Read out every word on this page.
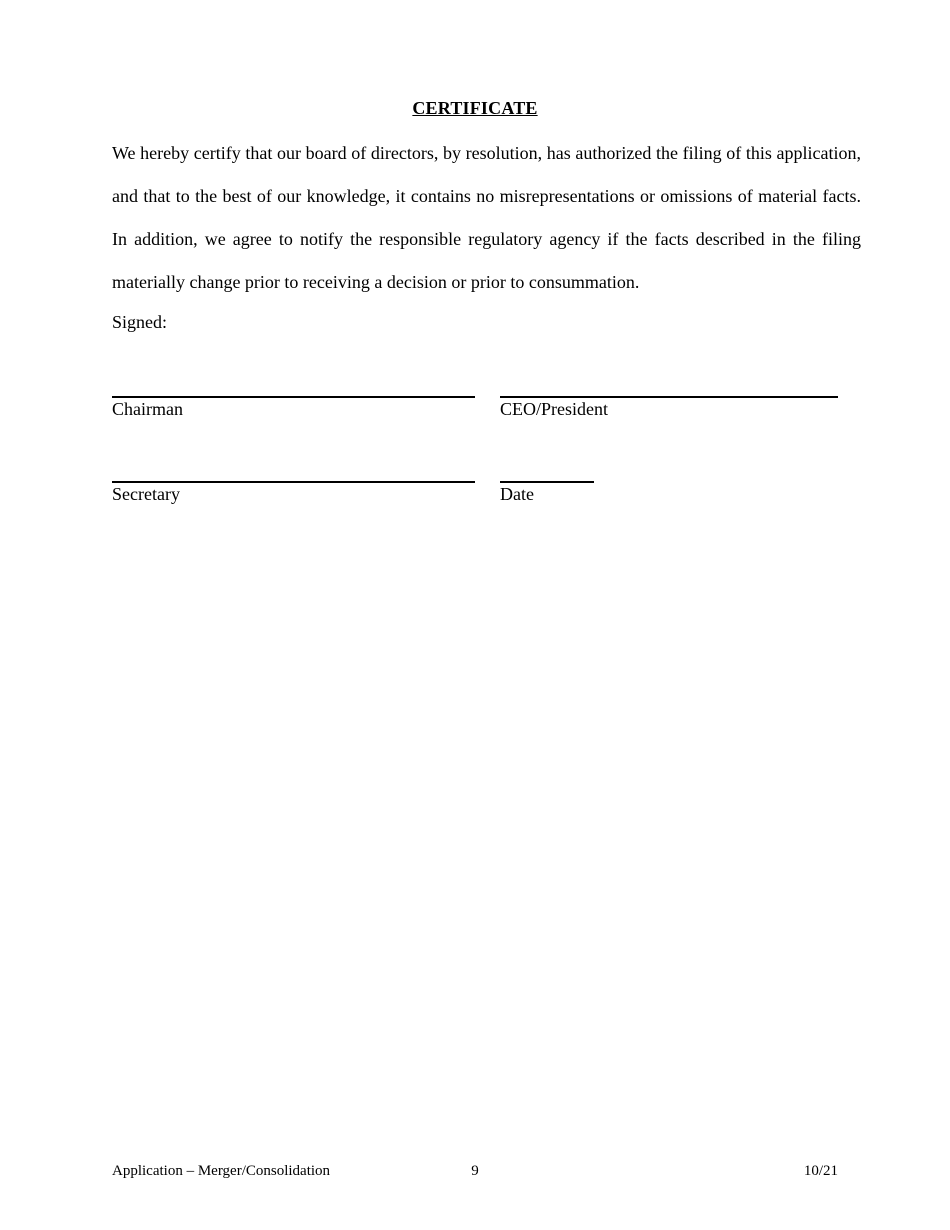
CERTIFICATE

We hereby certify that our board of directors, by resolution, has authorized the filing of this application, and that to the best of our knowledge, it contains no misrepresentations or omissions of material facts.  In addition, we agree to notify the responsible regulatory agency if the facts described in the filing materially change prior to receiving a decision or prior to consummation.

Signed:
Chairman	CEO/President
Secretary	Date
Application – Merger/Consolidation	9	10/21
